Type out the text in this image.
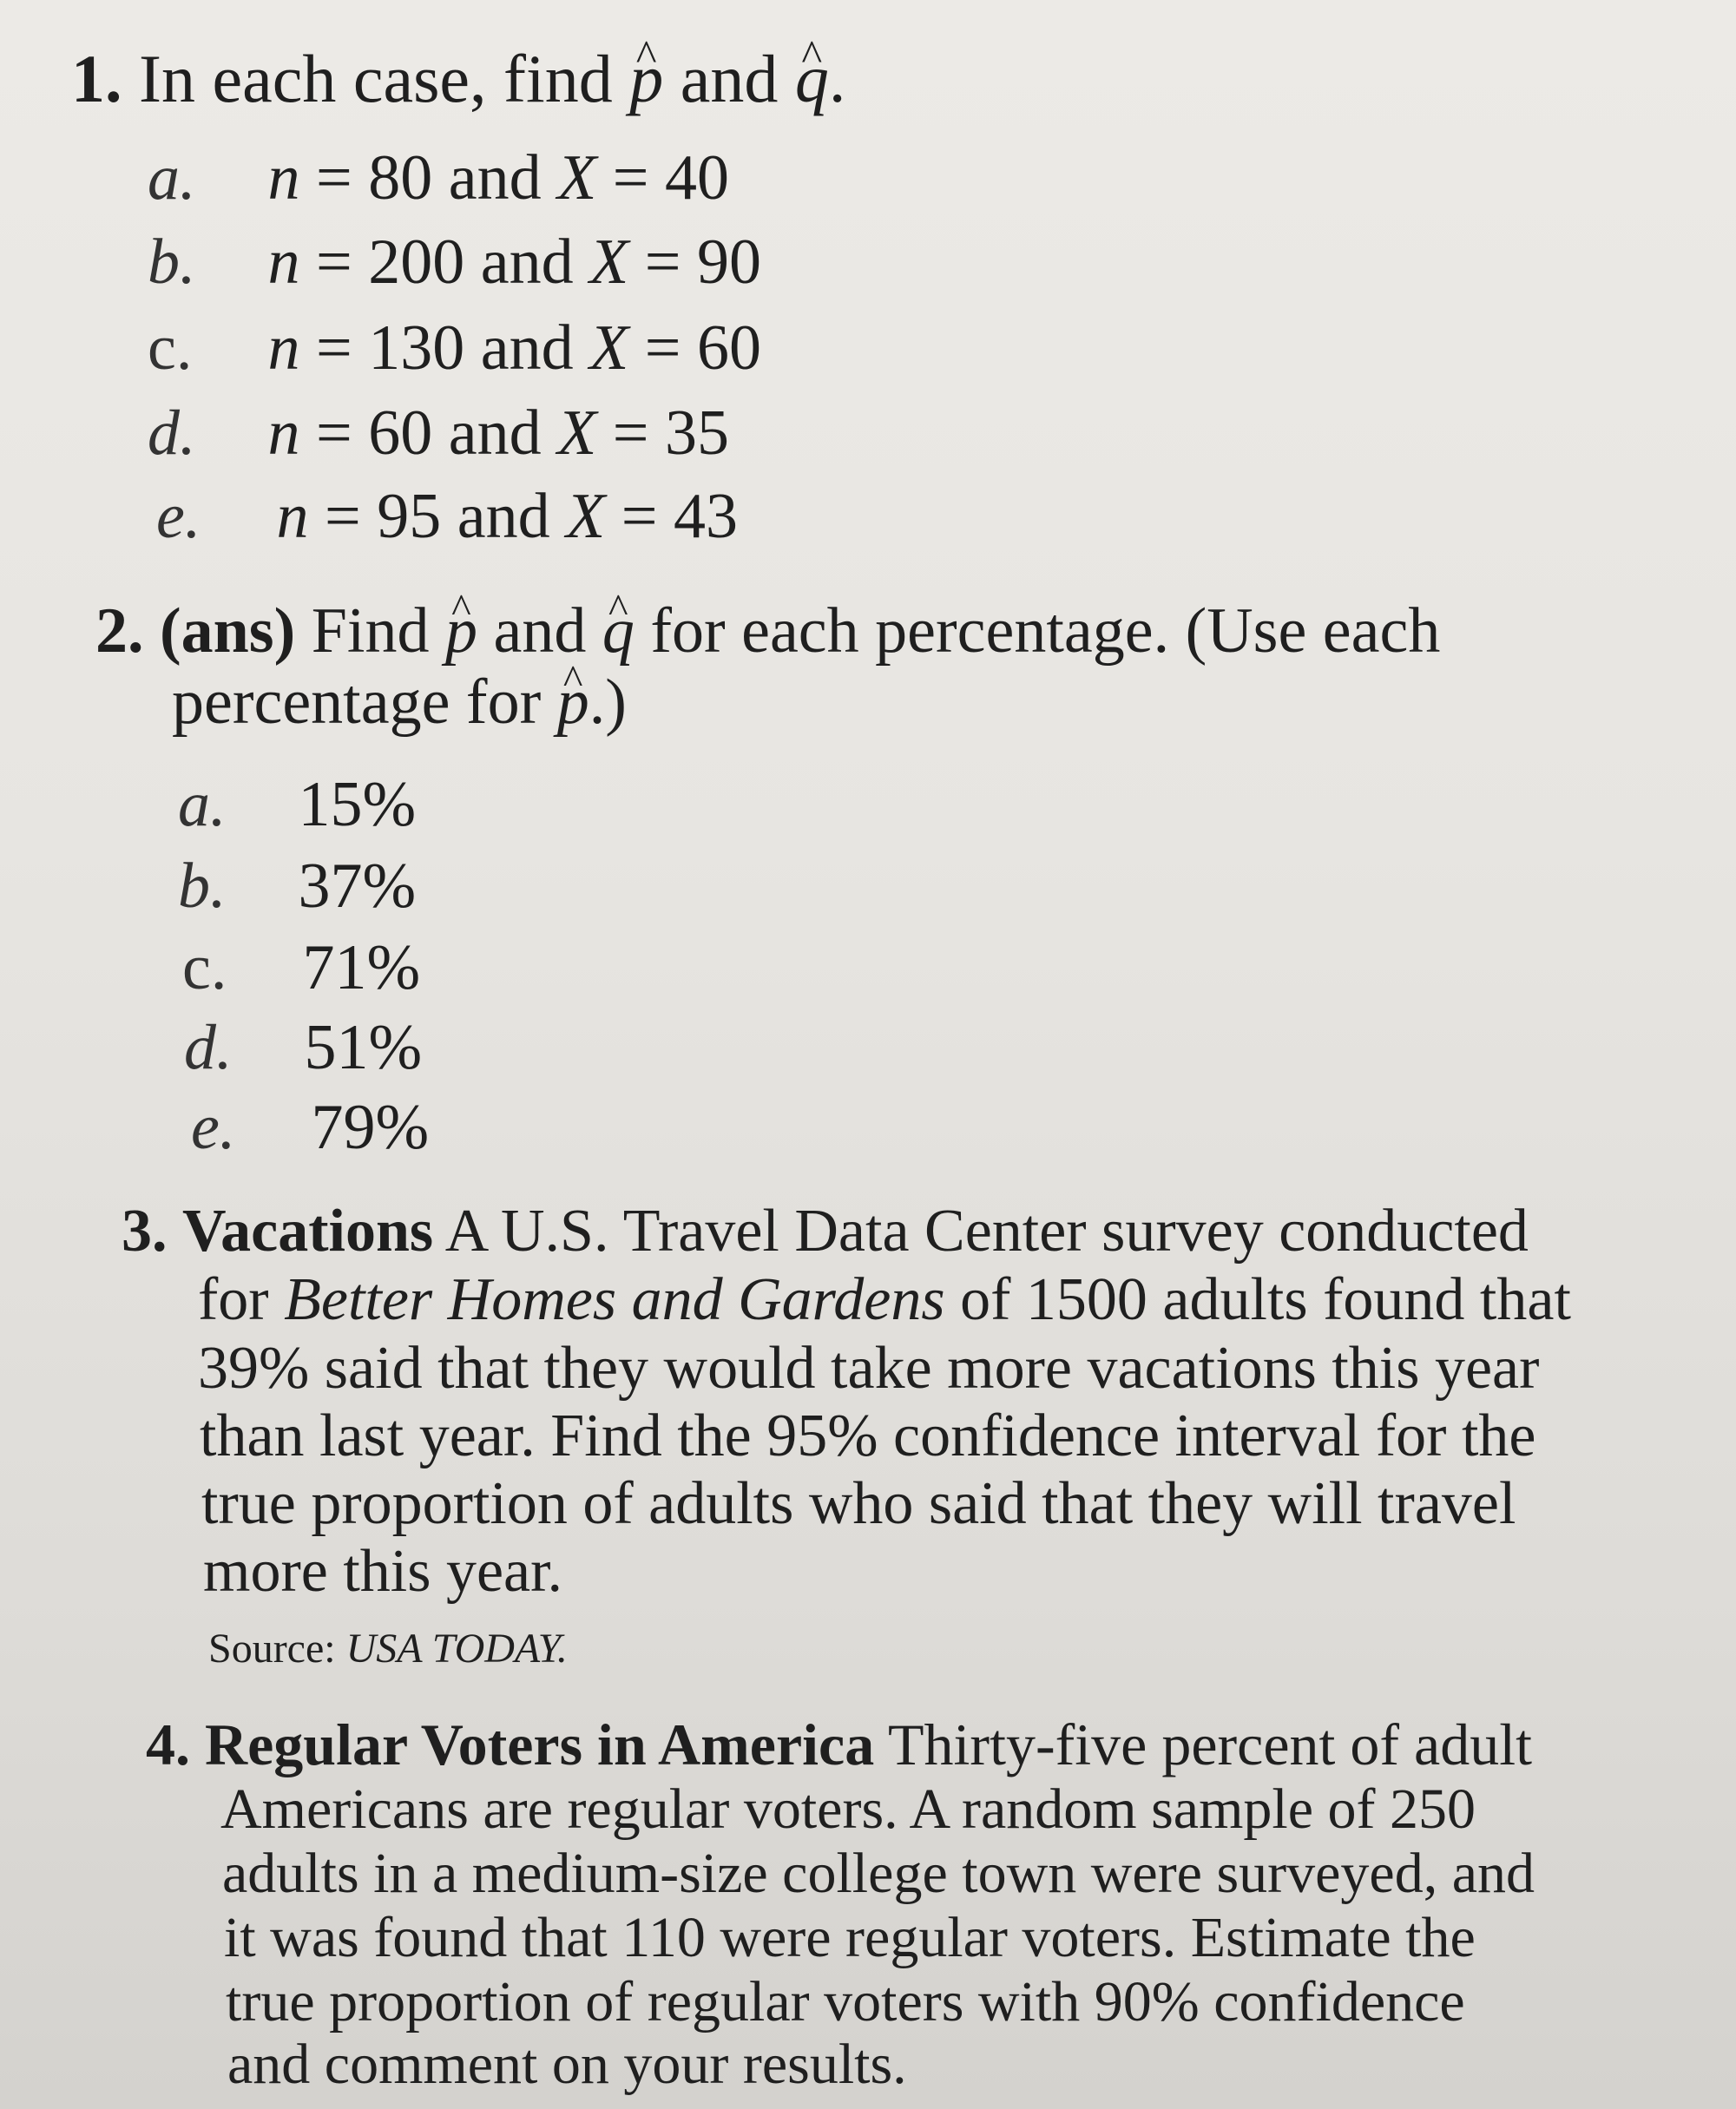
1. In each case, find ^ p and ^ q.
a. n = 80 and X = 40
b. n = 200 and X = 90
c. n = 130 and X = 60
d. n = 60 and X = 35
e. n = 95 and X = 43
2. (ans) Find ^ p and ^ q for each percentage. (Use each
percentage for ^ p.)
a. 15%
b. 37%
c. 71%
d. 51%
e. 79%
3. Vacations A U.S. Travel Data Center survey conducted
for Better Homes and Gardens of 1500 adults found that
39% said that they would take more vacations this year
than last year. Find the 95% confidence interval for the
true proportion of adults who said that they will travel
more this year.
Source: USA TODAY.
4. Regular Voters in America Thirty-five percent of adult
Americans are regular voters. A random sample of 250
adults in a medium-size college town were surveyed, and
it was found that 110 were regular voters. Estimate the
true proportion of regular voters with 90% confidence
and comment on your results.
